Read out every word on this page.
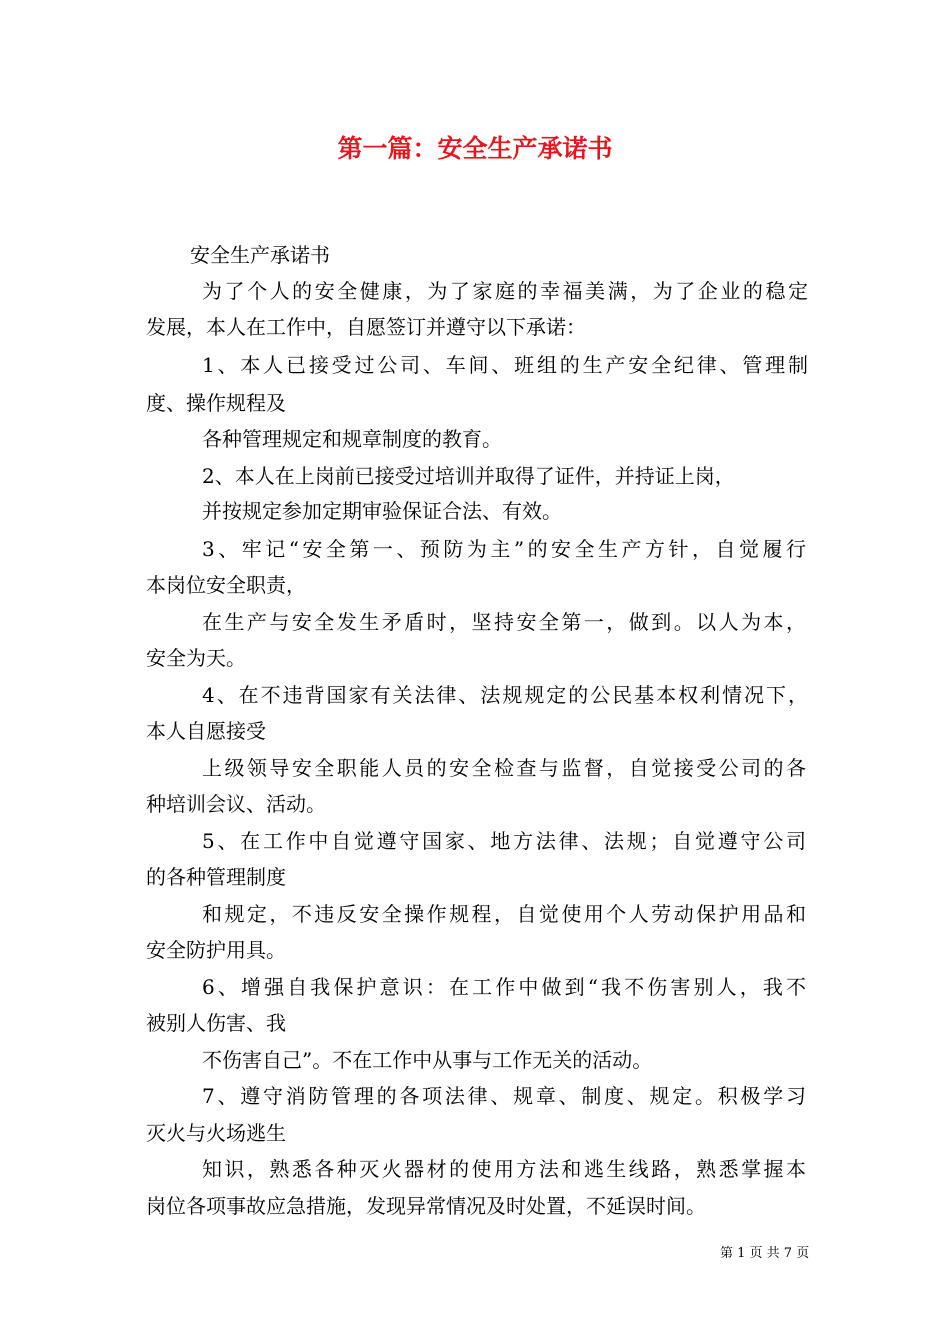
第一篇：安全生产承诺书
安全生产承诺书
为了个人的安全健康，为了家庭的幸福美满，为了企业的稳定
发展，本人在工作中，自愿签订并遵守以下承诺：
1、本人已接受过公司、车间、班组的生产安全纪律、管理制
度、操作规程及
各种管理规定和规章制度的教育。
2、本人在上岗前已接受过培训并取得了证件，并持证上岗，
并按规定参加定期审验保证合法、有效。
3、牢记“安全第一、预防为主”的安全生产方针，自觉履行
本岗位安全职责，
在生产与安全发生矛盾时，坚持安全第一，做到。以人为本，
安全为天。
4、在不违背国家有关法律、法规规定的公民基本权利情况下，
本人自愿接受
上级领导安全职能人员的安全检查与监督，自觉接受公司的各
种培训会议、活动。
5、在工作中自觉遵守国家、地方法律、法规；自觉遵守公司
的各种管理制度
和规定，不违反安全操作规程，自觉使用个人劳动保护用品和
安全防护用具。
6、增强自我保护意识：在工作中做到“我不伤害别人，我不
被别人伤害、我
不伤害自己”。不在工作中从事与工作无关的活动。
7、遵守消防管理的各项法律、规章、制度、规定。积极学习
灭火与火场逃生
知识，熟悉各种灭火器材的使用方法和逃生线路，熟悉掌握本
岗位各项事故应急措施，发现异常情况及时处置，不延误时间。
第 1 页 共 7 页
